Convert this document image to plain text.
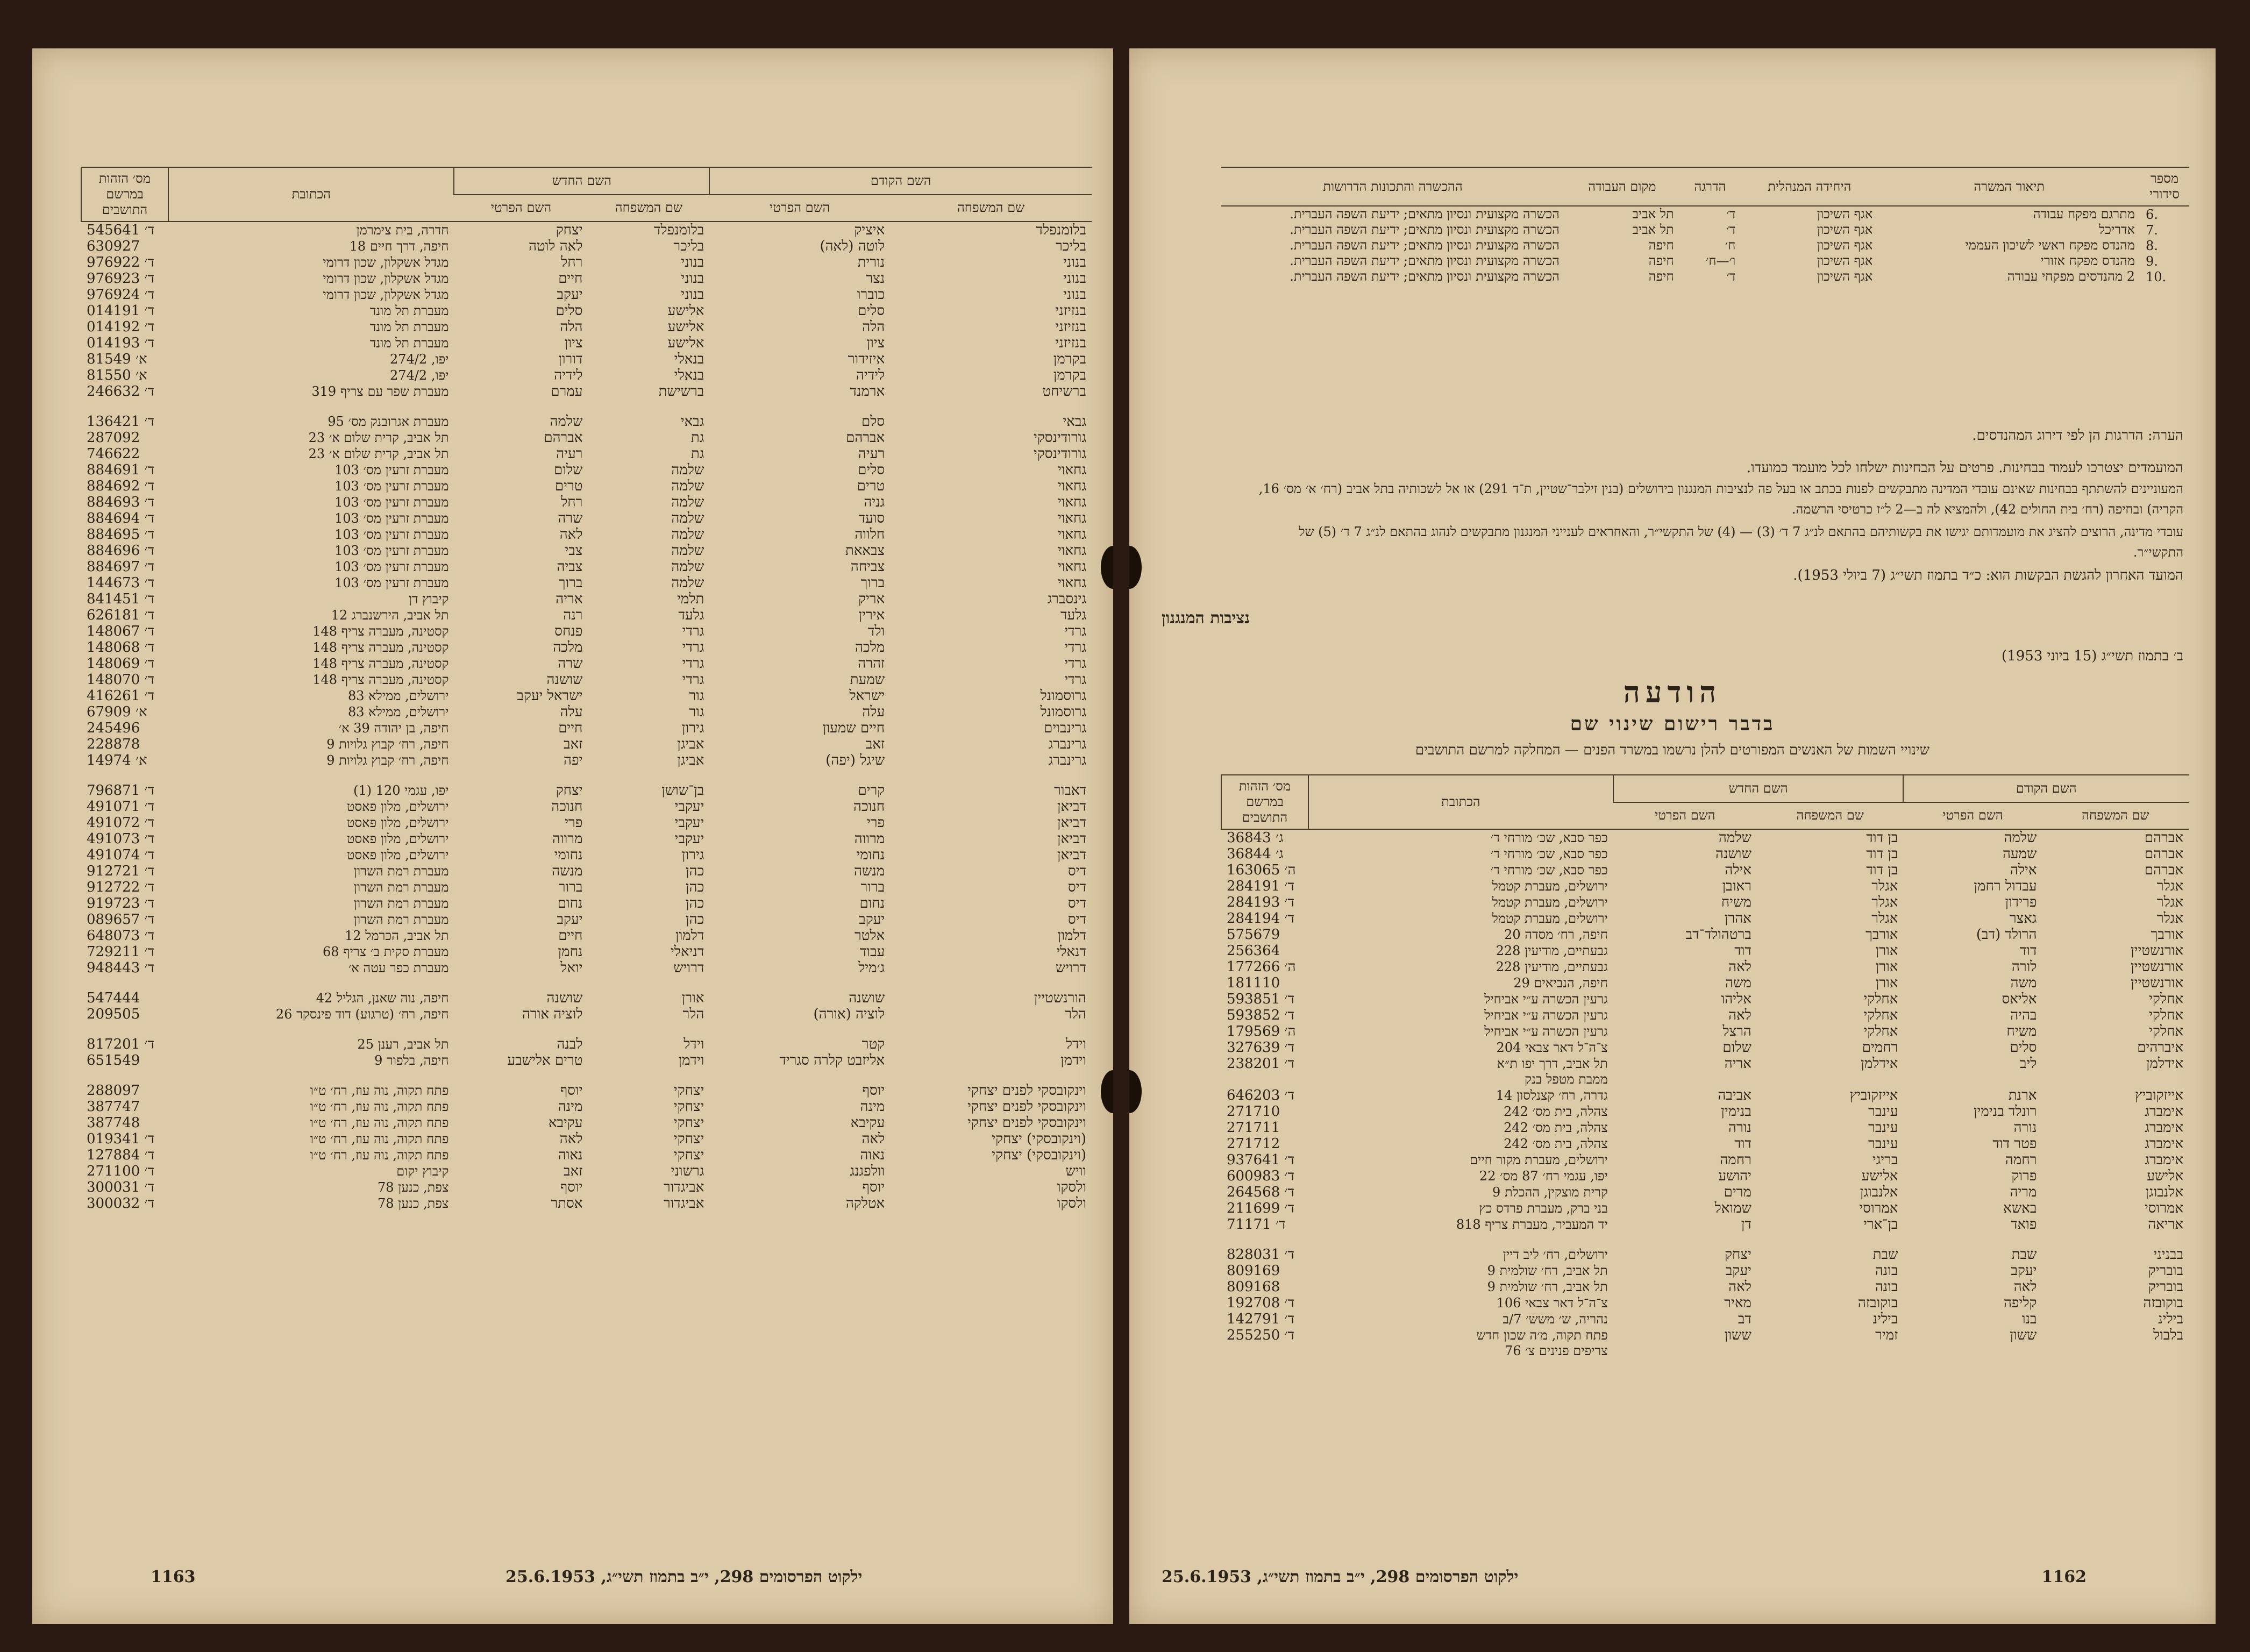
השם הקודם		השם החדש		הכתובת	מס׳ הזהות במרשם התושבים
שם המשפחה	השם הפרטי	שם המשפחה	השם הפרטי		
בלומנפלד	איציק	בלומנפלד	יצחק	חדרה, בית צימרמן	545641 ד׳
בליכר	לוטה (לאה)	בליכר	לאה לוטה	חיפה, דרך חיים 18	630927
בנוני	נורית	בנוני	רחל	מגדל אשקלון, שכון דרומי	976922 ד׳
בנוני	נצר	בנוני	חיים	מגדל אשקלון, שכון דרומי	976923 ד׳
בנוני	כוברו	בנוני	יעקב	מגדל אשקלון, שכון דרומי	976924 ד׳
בנזיזני	סלים	אלישע	סלים	מעברת תל מונד	014191 ד׳
בנזיזני	הלה	אלישע	הלה	מעברת תל מונד	014192 ד׳
בנזיזני	ציון	אלישע	ציון	מעברת תל מונד	014193 ד׳
בקרמן	איזידור	בנאלי	דורון	יפו, 274/2	81549 א׳
בקרמן	לידיה	בנאלי	לידיה	יפו, 274/2	81550 א׳
ברשיחט	ארמנד	ברשישת	עמרם	מעברת שפר עם צריף 319	246632 ד׳

גבאי	סלם	גבאי	שלמה	מעברת אגרובנק מס׳ 95	136421 ד׳
גורודינסקי	אברהם	גת	אברהם	תל אביב, קרית שלום א׳ 23	287092
גורודינסקי	רעיה	גת	רעיה	תל אביב, קרית שלום א׳ 23	746622
גחאוי	סלים	שלמה	שלום	מעברת זרעין מס׳ 103	884691 ד׳
גחאוי	טרים	שלמה	טרים	מעברת זרעין מס׳ 103	884692 ד׳
גחאוי	גניה	שלמה	רחל	מעברת זרעין מס׳ 103	884693 ד׳
גחאוי	סועד	שלמה	שרה	מעברת זרעין מס׳ 103	884694 ד׳
גחאוי	חלווה	שלמה	לאה	מעברת זרעין מס׳ 103	884695 ד׳
גחאוי	צבאאת	שלמה	צבי	מעברת זרעין מס׳ 103	884696 ד׳
גחאוי	צביחה	שלמה	צביה	מעברת זרעין מס׳ 103	884697 ד׳
גחאוי	ברוך	שלמה	ברוך	מעברת זרעין מס׳ 103	144673 ד׳
גינסברג	אריק	תלמי	אריה	קיבוץ דן	841451 ד׳
גלעד	אירין	גלעד	רנה	תל אביב, הירשנברג 12	626181 ד׳
גרדי	ולד	גרדי	פנחס	קסטינה, מעברה צריף 148	148067 ד׳
גרדי	מלכה	גרדי	מלכה	קסטינה, מעברה צריף 148	148068 ד׳
גרדי	זהרה	גרדי	שרה	קסטינה, מעברה צריף 148	148069 ד׳
גרדי	שמעת	גרדי	שושנה	קסטינה, מעברה צריף 148	148070 ד׳
גרוסמונל	ישראל	גור	ישראל יעקב	ירושלים, ממילא 83	416261 ד׳
גרוסמונל	עלה	גור	עלה	ירושלים, ממילא 83	67909 א׳
גרינבוים	חיים שמעון	גירון	חיים	חיפה, בן יהודה 39 א׳	245496
גרינברג	זאב	אביגן	זאב	חיפה, רח׳ קבוץ גלויות 9	228878
גרינברג	שיגל (יפה)	אביגן	יפה	חיפה, רח׳ קבוץ גלויות 9	14974 א׳

דאבור	קרים	בן־שושן	יצחק	יפו, עגמי 120 (1)	796871 ד׳
דביאן	חנוכה	יעקבי	חנוכה	ירושלים, מלון פאסט	491071 ד׳
דביאן	פרי	יעקבי	פרי	ירושלים, מלון פאסט	491072 ד׳
דביאן	מרווה	יעקבי	מרווה	ירושלים, מלון פאסט	491073 ד׳
דביאן	נחומי	גירון	נחומי	ירושלים, מלון פאסט	491074 ד׳
דיס	מנשה	כהן	מנשה	מעברת רמת השרון	912721 ד׳
דיס	ברור	כהן	ברור	מעברת רמת השרון	912722 ד׳
דיס	נחום	כהן	נחום	מעברת רמת השרון	919723 ד׳
דיס	יעקב	כהן	יעקב	מעברת רמת השרון	089657 ד׳
דלמון	אלטר	דלמון	חיים	תל אביב, הכרמל 12	648073 ד׳
דנאלי	עבוד	דניאלי	נחמן	מעברת סקית ב׳ צריף 68	729211 ד׳
דרויש	ג׳מיל	דרויש	יואל	מעברת כפר עטה א׳	948443 ד׳

הורנשטיין	שושנה	אורן	שושנה	חיפה, נוה שאנן, הגליל 42	547444
הלר	לוציה (אורה)	הלר	לוציה אורה	חיפה, רח׳ (טרגוע) דוד פינסקר 26	209505

וידל	קטר	וידל	לבנה	תל אביב, רענן 25	817201 ד׳
וידמן	אליזבט קלרה סגריד	וידמן	טרים אלישבע	חיפה, בלפור 9	651549

וינקובסקי לפנים יצחקי	יוסף	יצחקי	יוסף	פתח תקוה, נוה עוז, רח׳ ט״ו	288097
וינקובסקי לפנים יצחקי	מינה	יצחקי	מינה	פתח תקוה, נוה עוז, רח׳ ט״ו	387747
וינקובסקי לפנים יצחקי	עקיבא	יצחקי	עקיבא	פתח תקוה, נוה עוז, רח׳ ט״ו	387748
(וינקובסקי) יצחקי	לאה	יצחקי	לאה	פתח תקוה, נוה עוז, רח׳ ט״ו	019341 ד׳
(וינקובסקי) יצחקי	נאוה	יצחקי	נאוה	פתח תקוה, נוה עוז, רח׳ ט״ו	127884 ד׳
וויש	וולפגנג	גרשוני	זאב	קיבוץ יקום	271100 ד׳
ולסקו	יוסף	אביגדור	יוסף	צפת, כנען 78	300031 ד׳
ולסקו	אטלקה	אביגדור	אסתר	צפת, כנען 78	300032 ד׳
1163	ילקוט הפרסומים 298, י״ב בתמוז תשי״ג, 25.6.1953
מספר סידורי	תיאור המשרה	היחידה המנהלית	הדרגה	מקום העבודה	ההכשרה והתכונות הדרושות
6.	מתרגם מפקח עבודה	אגף השיכון	ד׳	תל אביב	הכשרה מקצועית ונסיון מתאים; ידיעת השפה העברית.
7.	אדריכל	אגף השיכון	ד׳	תל אביב	הכשרה מקצועית ונסיון מתאים; ידיעת השפה העברית.
8.	מהנדס מפקח ראשי לשיכון העממי	אגף השיכון	ח׳	חיפה	הכשרה מקצועית ונסיון מתאים; ידיעת השפה העברית.
9.	מהנדס מפקח אזורי	אגף השיכון	ו׳—ח׳	חיפה	הכשרה מקצועית ונסיון מתאים; ידיעת השפה העברית.
10.	2 מהנדסים מפקחי עבודה	אגף השיכון	ד׳	חיפה	הכשרה מקצועית ונסיון מתאים; ידיעת השפה העברית.
הערה: הדרגות הן לפי דירוג המהנדסים.
המועמדים יצטרכו לעמוד בבחינות. פרטים על הבחינות ישלחו לכל מועמד כמועדו.
המעוניינים להשתתף בבחינות שאינם עובדי המדינה מתבקשים לפנות בכתב או בעל פה לנציבות המנגנון בירושלים (בנין זילבר־שטיין, ת־ד 291) או אל לשכותיה בתל אביב (רח׳ א׳ מס׳ 16, הקריה) ובחיפה (רח׳ בית החולים 42), ולהמציא לה ב—2 ל״ז כרטיסי הרשמה.
עובדי מדינה, הרוצים להציג את מועמדותם יגישו את בקשותיהם בהתאם לנ״ג 7 ד׳ (3) — (4) של התקשי״ר, והאחראים לענייני המנגנון מתבקשים לנהוג בהתאם לנ״ג 7 ד׳ (5) של התקשי״ר.
המועד האחרון להגשת הבקשות הוא: כ״ד בתמוז תשי״ג (7 ביולי 1953).
נציבות המנגנון
ב׳ בתמוז תשי״ג (15 ביוני 1953)
הודעה
בדבר רישום שינוי שם
שינויי השמות של האנשים המפורטים להלן נרשמו במשרד הפנים — המחלקה למרשם התושבים
השם הקודם		השם החדש		הכתובת	מס׳ הזהות במרשם התושבים
שם המשפחה	השם הפרטי	שם המשפחה	השם הפרטי		
אברהם	שלמה	בן דוד	שלמה	כפר סבא, שכ׳ מורחי ד׳	36843 ג׳
אברהם	שמעה	בן דוד	שושנה	כפר סבא, שכ׳ מורחי ד׳	36844 ג׳
אברהם	אילה	בן דוד	אילה	כפר סבא, שכ׳ מורחי ד׳	163065 ה׳
אגלר	עבדול רחמן	אגלר	ראובן	ירושלים, מעברת קטמל	284191 ד׳
אגלר	פרידון	אגלר	משיח	ירושלים, מעברת קטמל	284193 ד׳
אגלר	גאצר	אגלר	אהרן	ירושלים, מעברת קטמל	284194 ד׳
אורבך	הרולד (דב)	אורבך	ברטהולד־דב	חיפה, רח׳ מסדה 20	575679
אורנשטיין	דוד	אורן	דוד	גבעתיים, מודיעין 228	256364
אורנשטיין	לורה	אורן	לאה	גבעתיים, מודיעין 228	177266 ה׳
אורנשטיין	משה	אורן	משה	חיפה, הנביאים 29	181110
אחלקי	אליאס	אחלקי	אליהו	גרעין הכשרה ע״י אביחיל	593851 ד׳
אחלקי	בהיה	אחלקי	לאה	גרעין הכשרה ע״י אביחיל	593852 ד׳
אחלקי	משיח	אחלקי	הרצל	גרעין הכשרה ע״י אביחיל	179569 ה׳
איברהים	סלים	רחמים	שלום	צ־ה־ל דאר צבאי 204	327639 ד׳
אידלמן	ליב	אידלמן	אריה	תל אביב, דרך יפו ת״א	238201 ד׳
				ממבת מטפל בנק	
אייזקוביץ	ארנת	אייזקוביץ	אביבה	גדרה, רח׳ קצנלסון 14	646203 ד׳
אימברג	רונלד בנימין	עינבר	בנימין	צהלה, בית מס׳ 242	271710
אימברג	נורה	עינבר	נורה	צהלה, בית מס׳ 242	271711
אימברג	פטר דוד	עינבר	דוד	צהלה, בית מס׳ 242	271712
אימברג	רחמה	בריגי	רחמה	ירושלים, מעברת מקור חיים	937641 ד׳
אלישע	פרוק	אלישע	יהושע	יפו, עגמי רח׳ 87 מס׳ 22	600983 ד׳
אלנבוגן	מריה	אלנבוגן	מרים	קרית מוצקין, ההכלת 9	264568 ד׳
אמרוסי	באשא	אמרוסי	שמואל	בני ברק, מעברת פרדס כץ	211699 ד׳
אריאה	פואד	בן־ארי	דן	יד המעביר, מעברת צריף 818	71171 ד׳

בבניני	שבת	שבת	יצחק	ירושלים, רח׳ ליב דיין	828031 ד׳
בובריק	יעקב	בונה	יעקב	תל אביב, רח׳ שולמית 9	809169
בובריק	לאה	בונה	לאה	תל אביב, רח׳ שולמית 9	809168
בוקובזה	קליפה	בוקובזה	מאיר	צ־ה־ל דאר צבאי 106	192708 ד׳
בילינ	בנו	בילינ	דב	נהריה, ש׳ משש׳ 7/ב	142791 ד׳
בלבול	ששון	זמיר	ששון	פתח תקוה, מ׳ה שכון חדש	255250 ד׳
				צריפים פנינים צ׳ 76	
ילקוט הפרסומים 298, י״ב בתמוז תשי״ג, 25.6.1953	1162
